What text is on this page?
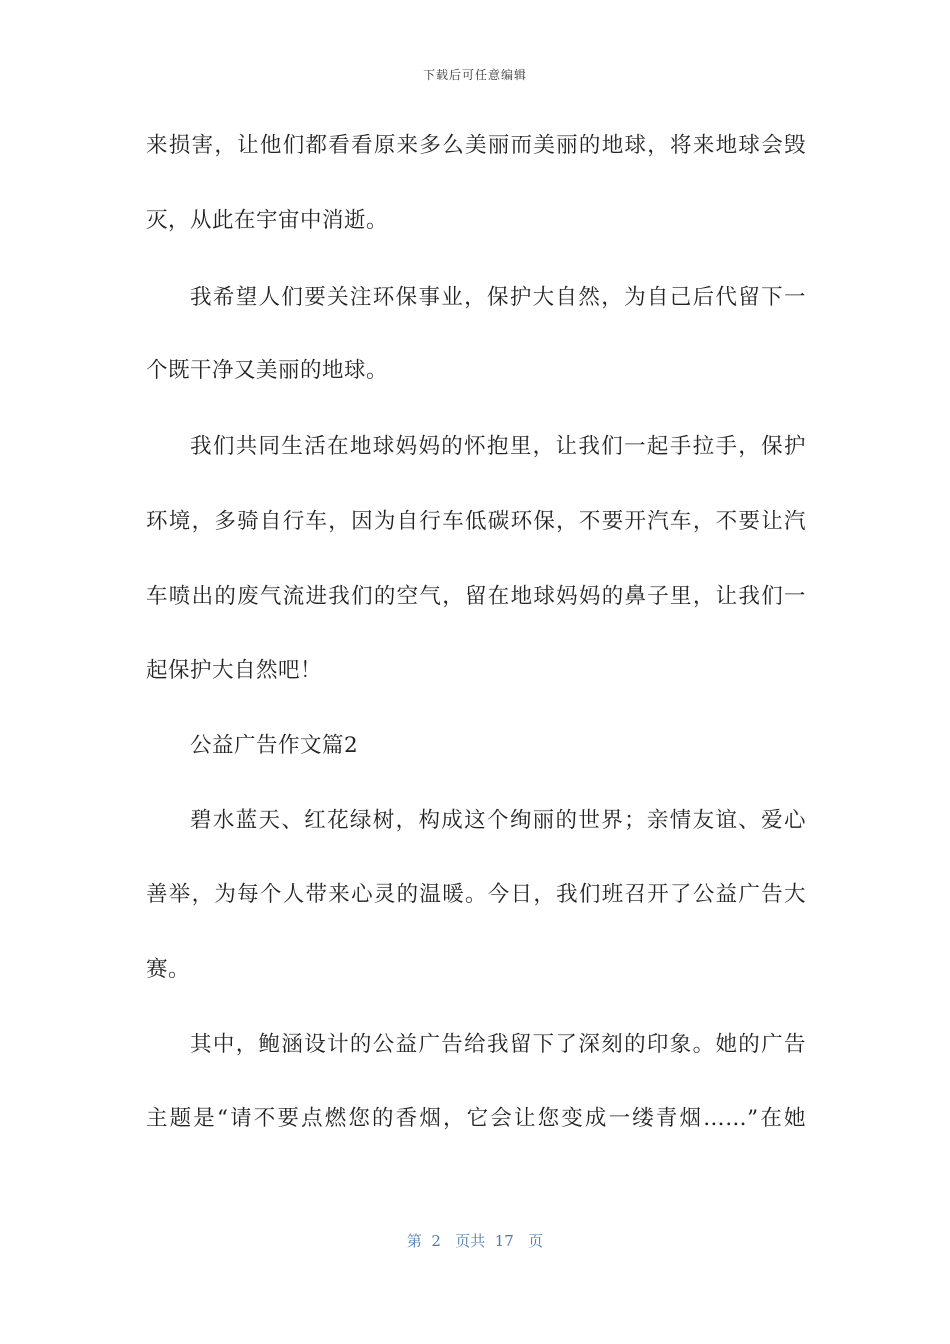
下载后可任意编辑
来损害，让他们都看看原来多么美丽而美丽的地球，将来地球会毁
灭，从此在宇宙中消逝。
我希望人们要关注环保事业，保护大自然，为自己后代留下一
个既干净又美丽的地球。
我们共同生活在地球妈妈的怀抱里，让我们一起手拉手，保护
环境，多骑自行车，因为自行车低碳环保，不要开汽车，不要让汽
车喷出的废气流进我们的空气，留在地球妈妈的鼻子里，让我们一
起保护大自然吧！
公益广告作文篇2
碧水蓝天、红花绿树，构成这个绚丽的世界；亲情友谊、爱心
善举，为每个人带来心灵的温暖。今日，我们班召开了公益广告大
赛。
其中，鲍涵设计的公益广告给我留下了深刻的印象。她的广告
主题是“请不要点燃您的香烟，它会让您变成一缕青烟……”在她
第  2   页共  17   页
